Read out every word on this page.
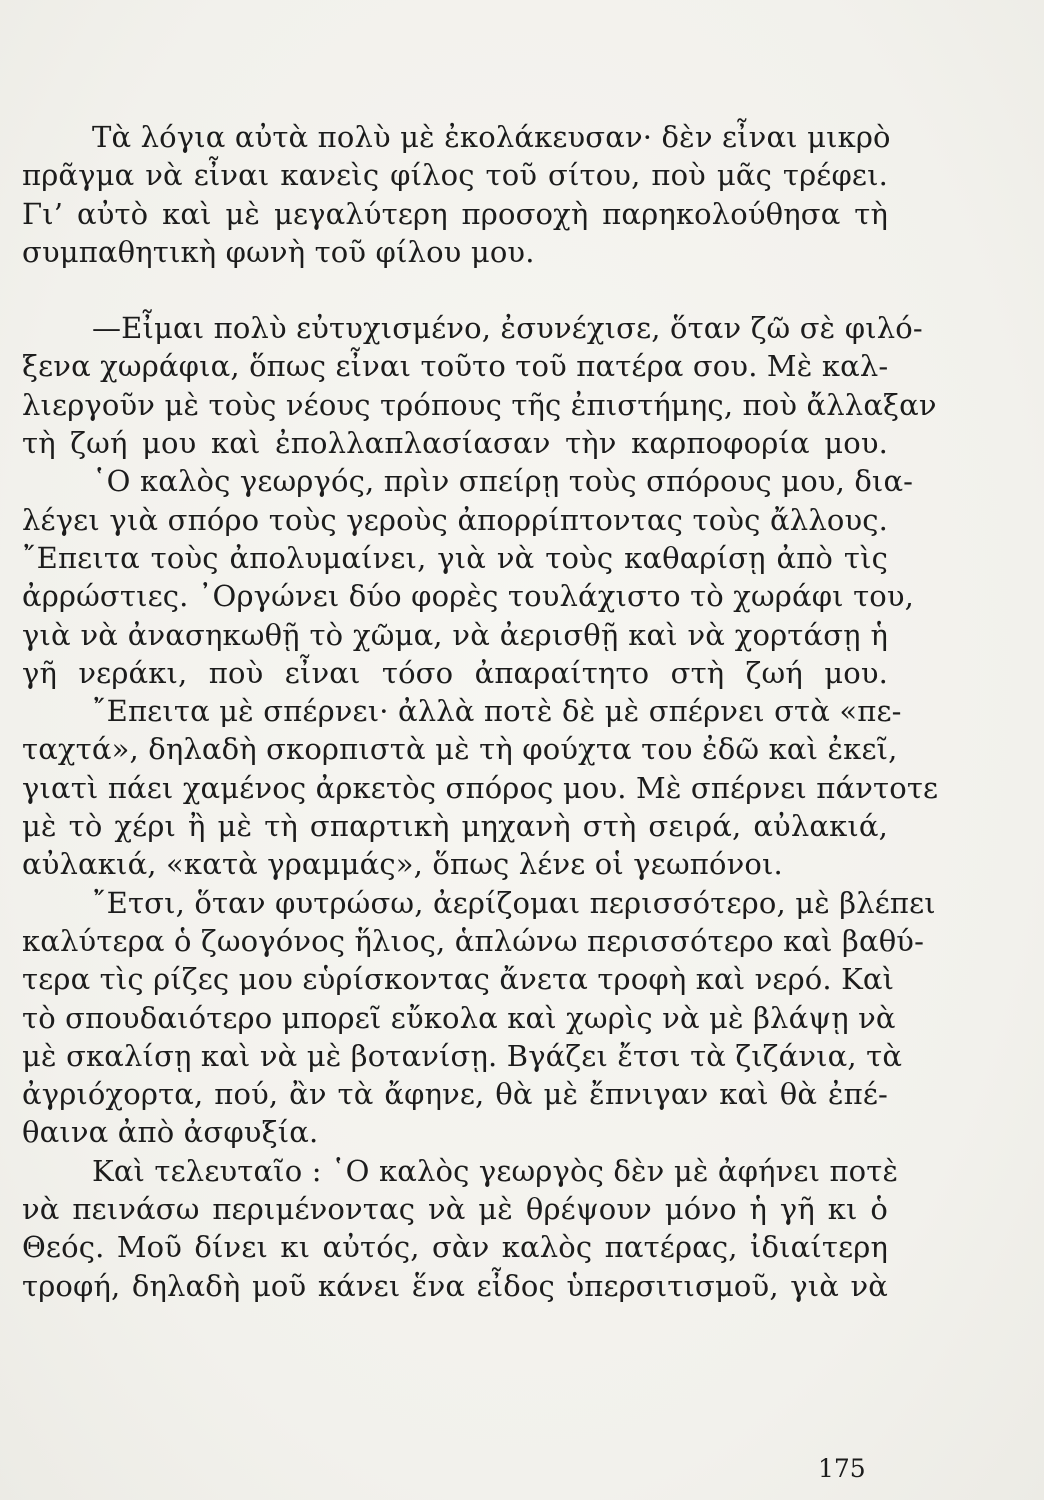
Τὰ λόγια αὐτὰ πολὺ μὲ ἐκολάκευσαν· δὲν εἶναι μικρὸ
πρᾶγμα νὰ εἶναι κανεὶς φίλος τοῦ σίτου, ποὺ μᾶς τρέφει.
Γι’ αὐτὸ καὶ μὲ μεγαλύτερη προσοχὴ παρηκολούθησα τὴ
συμπαθητικὴ φωνὴ τοῦ φίλου μου.

—Εἶμαι πολὺ εὐτυχισμένο, ἐσυνέχισε, ὅταν ζῶ σὲ φιλό-
ξενα χωράφια, ὅπως εἶναι τοῦτο τοῦ πατέρα σου. Μὲ καλ-
λιεργοῦν μὲ τοὺς νέους τρόπους τῆς ἐπιστήμης, ποὺ ἄλλαξαν
τὴ ζωή μου καὶ ἐπολλαπλασίασαν τὴν καρποφορία μου.
῾Ο καλὸς γεωργός, πρὶν σπείρῃ τοὺς σπόρους μου, δια-
λέγει γιὰ σπόρο τοὺς γεροὺς ἀπορρίπτοντας τοὺς ἄλλους.
῎Επειτα τοὺς ἀπολυμαίνει, γιὰ νὰ τοὺς καθαρίσῃ ἀπὸ τὶς
ἀρρώστιες. ᾿Οργώνει δύο φορὲς τουλάχιστο τὸ χωράφι του,
γιὰ νὰ ἀνασηκωθῇ τὸ χῶμα, νὰ ἀερισθῇ καὶ νὰ χορτάσῃ ἡ
γῆ νεράκι, ποὺ εἶναι τόσο ἀπαραίτητο στὴ ζωή μου.
῎Επειτα μὲ σπέρνει· ἀλλὰ ποτὲ δὲ μὲ σπέρνει στὰ «πε-
ταχτά», δηλαδὴ σκορπιστὰ μὲ τὴ φούχτα του ἐδῶ καὶ ἐκεῖ,
γιατὶ πάει χαμένος ἀρκετὸς σπόρος μου. Μὲ σπέρνει πάντοτε
μὲ τὸ χέρι ἢ μὲ τὴ σπαρτικὴ μηχανὴ στὴ σειρά, αὐλακιά,
αὐλακιά, «κατὰ γραμμάς», ὅπως λένε οἱ γεωπόνοι.

῎Ετσι, ὅταν φυτρώσω, ἀερίζομαι περισσότερο, μὲ βλέπει
καλύτερα ὁ ζωογόνος ἥλιος, ἁπλώνω περισσότερο καὶ βαθύ-
τερα τὶς ρίζες μου εὑρίσκοντας ἄνετα τροφὴ καὶ νερό. Καὶ
τὸ σπουδαιότερο μπορεῖ εὔκολα καὶ χωρὶς νὰ μὲ βλάψῃ νὰ
μὲ σκαλίσῃ καὶ νὰ μὲ βοτανίσῃ. Βγάζει ἔτσι τὰ ζιζάνια, τὰ
ἀγριόχορτα, πού, ἂν τὰ ἄφηνε, θὰ μὲ ἔπνιγαν καὶ θὰ ἐπέ-
θαινα ἀπὸ ἀσφυξία.

Καὶ τελευταῖο : ῾Ο καλὸς γεωργὸς δὲν μὲ ἀφήνει ποτὲ
νὰ πεινάσω περιμένοντας νὰ μὲ θρέψουν μόνο ἡ γῆ κι ὁ
Θεός. Μοῦ δίνει κι αὐτός, σὰν καλὸς πατέρας, ἰδιαίτερη
τροφή, δηλαδὴ μοῦ κάνει ἕνα εἶδος ὑπερσιτισμοῦ, γιὰ νὰ

175
